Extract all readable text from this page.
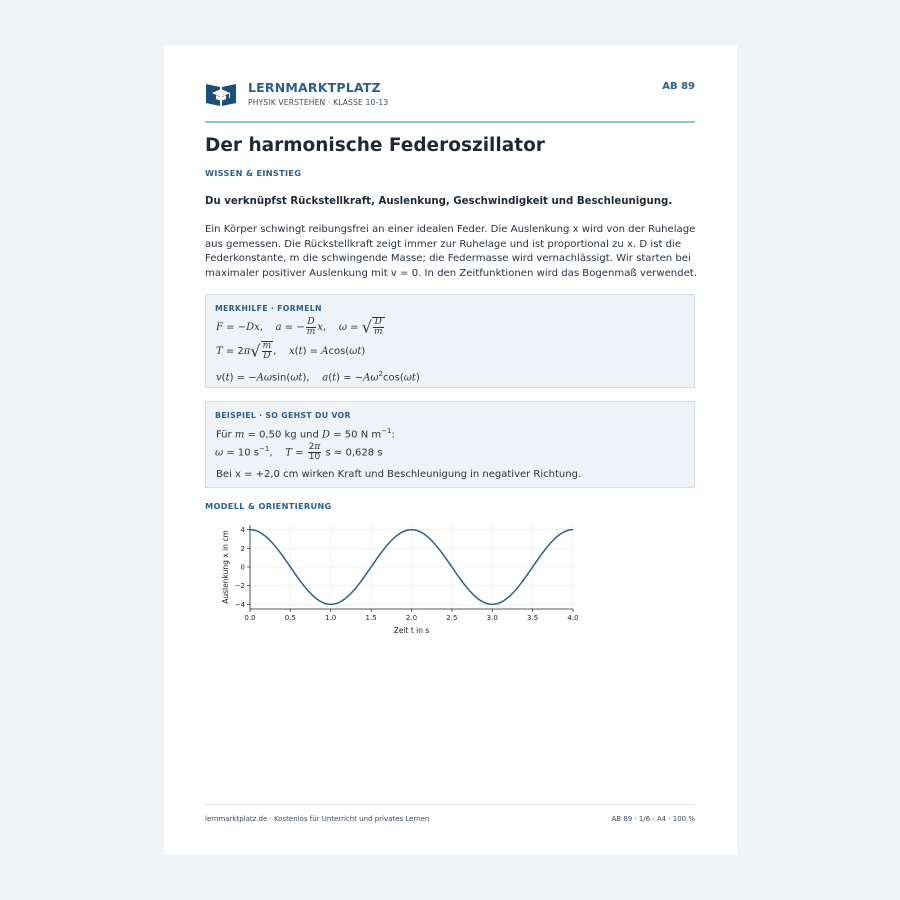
LERNMARKTPLATZ
PHYSIK VERSTEHEN · KLASSE 10-13
AB 89
Der harmonische Federoszillator
WISSEN & EINSTIEG
Du verknüpfst Rückstellkraft, Auslenkung, Geschwindigkeit und Beschleunigung.
Ein Körper schwingt reibungsfrei an einer idealen Feder. Die Auslenkung x wird von der Ruhelage aus gemessen. Die Rückstellkraft zeigt immer zur Ruhelage und ist proportional zu x. D ist die Federkonstante, m die schwingende Masse; die Federmasse wird vernachlässigt. Wir starten bei maximaler positiver Auslenkung mit v = 0. In den Zeitfunktionen wird das Bogenmaß verwendet.
MERKHILFE · FORMELN
F = −Dx,    a = − $\frac{D}{m} x$,    ω = √ $\frac{D}{m}$
$T = 2\pi√ \frac{m}{D}$ ,    x(t) = Acos(ωt)
v(t) = −Aωsin(ωt),    $a(t) = -A\omega^2\cos(\omega t)$
BEISPIEL · SO GEHST DU VOR
Für m = 0,50 kg und D = 50 N $m^{-1}$:
ω = 10 $s^{-1}$,    $T = \frac{2\pi}{10}$ s ≈ 0,628 s
Bei x = +2,0 cm wirken Kraft und Beschleunigung in negativer Richtung.
MODELL & ORIENTIERUNG
0.0	0.5	1.0	1.5	2.0	2.5	3.0	3.5	4.0
4
2
0
−2
−4
Zeit t in s
Auslenkung x in cm
lernmarktplatz.de · Kostenlos für Unterricht und privates Lernen	AB 89 · 1/6 · A4 · 100 %
